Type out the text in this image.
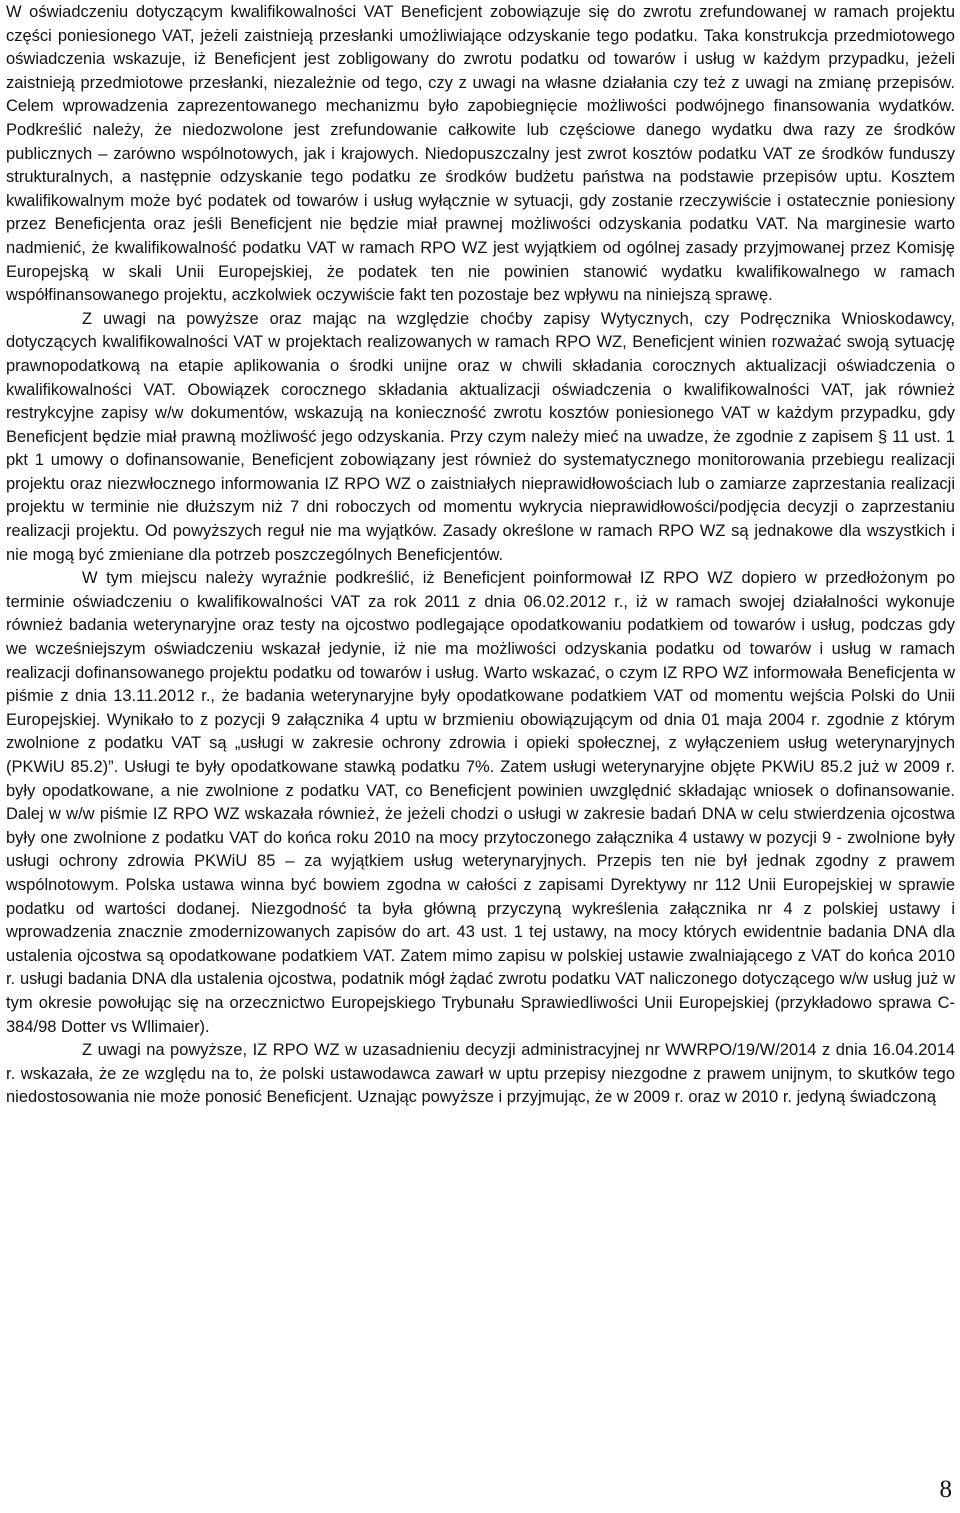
W oświadczeniu dotyczącym kwalifikowalności VAT Beneficjent zobowiązuje się do zwrotu zrefundowanej w ramach projektu części poniesionego VAT, jeżeli zaistnieją przesłanki umożliwiające odzyskanie tego podatku. Taka konstrukcja przedmiotowego oświadczenia wskazuje, iż Beneficjent jest zobligowany do zwrotu podatku od towarów i usług w każdym przypadku, jeżeli zaistnieją przedmiotowe przesłanki, niezależnie od tego, czy z uwagi na własne działania czy też z uwagi na zmianę przepisów. Celem wprowadzenia zaprezentowanego mechanizmu było zapobiegnięcie możliwości podwójnego finansowania wydatków. Podkreślić należy, że niedozwolone jest zrefundowanie całkowite lub częściowe danego wydatku dwa razy ze środków publicznych – zarówno wspólnotowych, jak i krajowych. Niedopuszczalny jest zwrot kosztów podatku VAT ze środków funduszy strukturalnych, a następnie odzyskanie tego podatku ze środków budżetu państwa na podstawie przepisów uptu. Kosztem kwalifikowalnym może być podatek od towarów i usług wyłącznie w sytuacji, gdy zostanie rzeczywiście i ostatecznie poniesiony przez Beneficjenta oraz jeśli Beneficjent nie będzie miał prawnej możliwości odzyskania podatku VAT. Na marginesie warto nadmienić, że kwalifikowalność podatku VAT w ramach RPO WZ jest wyjątkiem od ogólnej zasady przyjmowanej przez Komisję Europejską w skali Unii Europejskiej, że podatek ten nie powinien stanowić wydatku kwalifikowalnego w ramach współfinansowanego projektu, aczkolwiek oczywiście fakt ten pozostaje bez wpływu na niniejszą sprawę.

Z uwagi na powyższe oraz mając na względzie choćby zapisy Wytycznych, czy Podręcznika Wnioskodawcy, dotyczących kwalifikowalności VAT w projektach realizowanych w ramach RPO WZ, Beneficjent winien rozważać swoją sytuację prawnopodatkową na etapie aplikowania o środki unijne oraz w chwili składania corocznych aktualizacji oświadczenia o kwalifikowalności VAT. Obowiązek corocznego składania aktualizacji oświadczenia o kwalifikowalności VAT, jak również restrykcyjne zapisy w/w dokumentów, wskazują na konieczność zwrotu kosztów poniesionego VAT w każdym przypadku, gdy Beneficjent będzie miał prawną możliwość jego odzyskania. Przy czym należy mieć na uwadze, że zgodnie z zapisem § 11 ust. 1 pkt 1 umowy o dofinansowanie, Beneficjent zobowiązany jest również do systematycznego monitorowania przebiegu realizacji projektu oraz niezwłocznego informowania IZ RPO WZ o zaistniałych nieprawidłowościach lub o zamiarze zaprzestania realizacji projektu w terminie nie dłuższym niż 7 dni roboczych od momentu wykrycia nieprawidłowości/podjęcia decyzji o zaprzestaniu realizacji projektu. Od powyższych reguł nie ma wyjątków. Zasady określone w ramach RPO WZ są jednakowe dla wszystkich i nie mogą być zmieniane dla potrzeb poszczególnych Beneficjentów.

W tym miejscu należy wyraźnie podkreślić, iż Beneficjent poinformował IZ RPO WZ dopiero w przedłożonym po terminie oświadczeniu o kwalifikowalności VAT za rok 2011 z dnia 06.02.2012 r., iż w ramach swojej działalności wykonuje również badania weterynaryjne oraz testy na ojcostwo podlegające opodatkowaniu podatkiem od towarów i usług, podczas gdy we wcześniejszym oświadczeniu wskazał jedynie, iż nie ma możliwości odzyskania podatku od towarów i usług w ramach realizacji dofinansowanego projektu podatku od towarów i usług. Warto wskazać, o czym IZ RPO WZ informowała Beneficjenta w piśmie z dnia 13.11.2012 r., że badania weterynaryjne były opodatkowane podatkiem VAT od momentu wejścia Polski do Unii Europejskiej. Wynikało to z pozycji 9 załącznika 4 uptu w brzmieniu obowiązującym od dnia 01 maja 2004 r. zgodnie z którym zwolnione z podatku VAT są „usługi w zakresie ochrony zdrowia i opieki społecznej, z wyłączeniem usług weterynaryjnych (PKWiU 85.2)”. Usługi te były opodatkowane stawką podatku 7%. Zatem usługi weterynaryjne objęte PKWiU 85.2 już w 2009 r. były opodatkowane, a nie zwolnione z podatku VAT, co Beneficjent powinien uwzględnić składając wniosek o dofinansowanie. Dalej w w/w piśmie IZ RPO WZ wskazała również, że jeżeli chodzi o usługi w zakresie badań DNA w celu stwierdzenia ojcostwa były one zwolnione z podatku VAT do końca roku 2010 na mocy przytoczonego załącznika 4 ustawy w pozycji 9 - zwolnione były usługi ochrony zdrowia PKWiU 85 – za wyjątkiem usług weterynaryjnych. Przepis ten nie był jednak zgodny z prawem wspólnotowym. Polska ustawa winna być bowiem zgodna w całości z zapisami Dyrektywy nr 112 Unii Europejskiej w sprawie podatku od wartości dodanej. Niezgodność ta była główną przyczyną wykreślenia załącznika nr 4 z polskiej ustawy i wprowadzenia znacznie zmodernizowanych zapisów do art. 43 ust. 1 tej ustawy, na mocy których ewidentnie badania DNA dla ustalenia ojcostwa są opodatkowane podatkiem VAT. Zatem mimo zapisu w polskiej ustawie zwalniającego z VAT do końca 2010 r. usługi badania DNA dla ustalenia ojcostwa, podatnik mógł żądać zwrotu podatku VAT naliczonego dotyczącego w/w usług już w tym okresie powołując się na orzecznictwo Europejskiego Trybunału Sprawiedliwości Unii Europejskiej (przykładowo sprawa C-384/98 Dotter vs Wllimaier).

Z uwagi na powyższe, IZ RPO WZ w uzasadnieniu decyzji administracyjnej nr WWRPO/19/W/2014 z dnia 16.04.2014 r. wskazała, że ze względu na to, że polski ustawodawca zawarł w uptu przepisy niezgodne z prawem unijnym, to skutków tego niedostosowania nie może ponosić Beneficjent. Uznając powyższe i przyjmując, że w 2009 r. oraz w 2010 r. jedyną świadczoną

8
